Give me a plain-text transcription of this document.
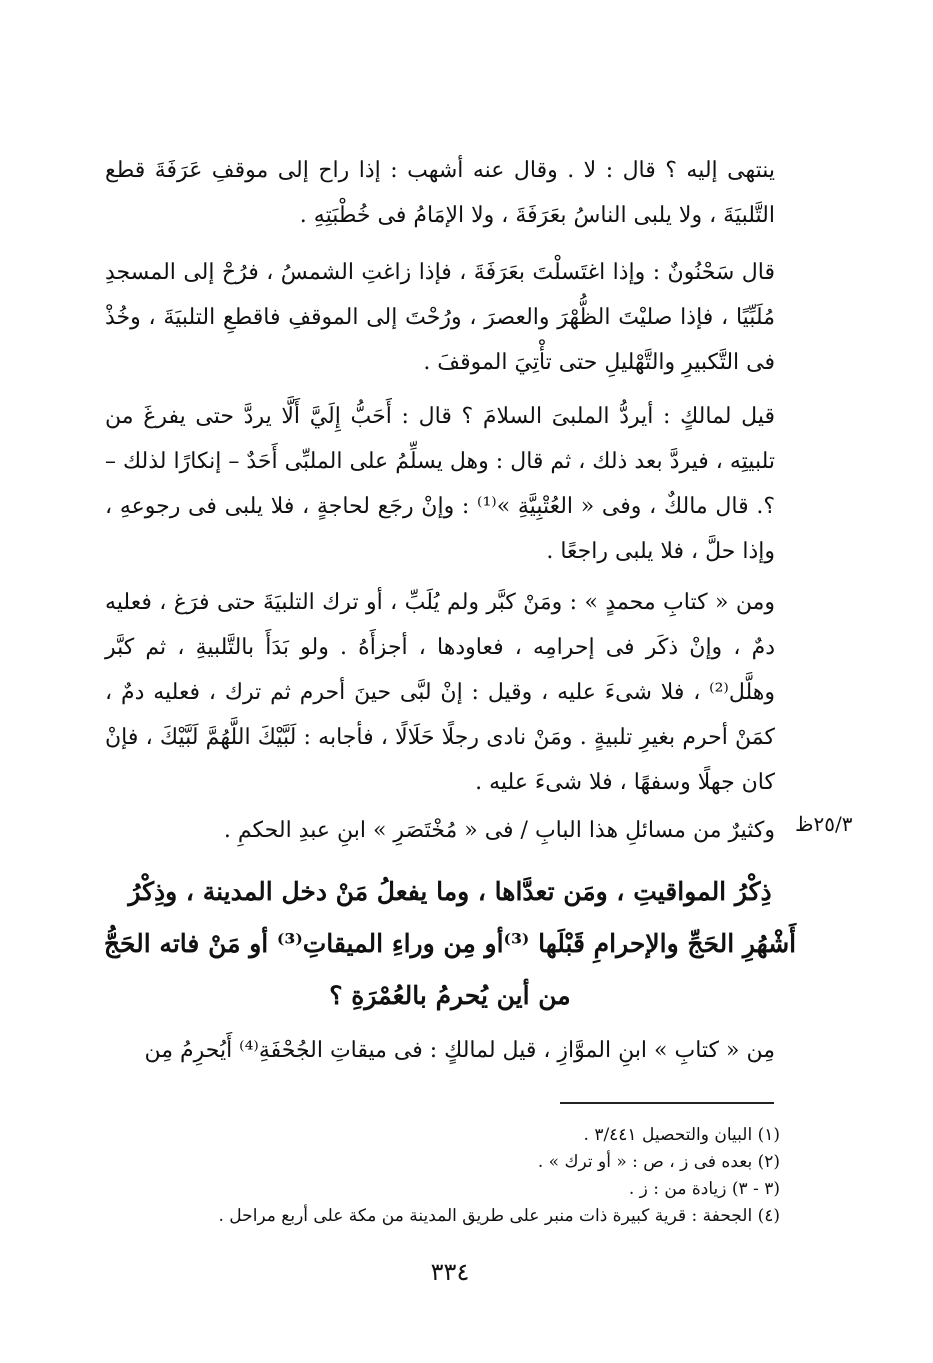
ينتهى إليه ؟ قال : لا . وقال عنه أشهب : إذا راح إلى موقفِ عَرَفَةَ قطع التَّلبيَةَ ، ولا يلبى الناسُ بعَرَفَةَ ، ولا الإمَامُ فى خُطْبَتِهِ .

قال سَحْنُونٌ : وإذا اغتَسلْتَ بعَرَفَةَ ، فإذا زاغتِ الشمسُ ، فرُحْ إلى المسجدِ مُلَبِّيًا ، فإذا صليْتَ الظُّهْرَ والعصرَ ، ورُحْتَ إلى الموقفِ فاقطعِ التلبيَةَ ، وخُذْ فى التَّكبيرِ والتَّهْليلِ حتى تأْتِيَ الموقفَ .

قيل لمالكٍ : أيردُّ الملبىَ السلامَ ؟ قال : أَحَبُّ إِلَيَّ أَلَّا يردَّ حتى يفرغَ من تلبيتِه ، فيردَّ بعد ذلك ، ثم قال : وهل يسلِّمُ على الملبِّى أَحَدٌ – إنكارًا لذلك – ؟. قال مالكٌ ، وفى « العُتْبِيَّةِ »⁽¹⁾ : وإنْ رجَع لحاجةٍ ، فلا يلبى فى رجوعهِ ، وإذا حلَّ ، فلا يلبى راجعًا .

ومن « كتابِ محمدٍ » : ومَنْ كبَّر ولم يُلَبِّ ، أو ترك التلبيَةَ حتى فرَغ ، فعليه دمٌ ، وإنْ ذكَر فى إحرامِه ، فعاودها ، أجزأَهُ . ولو بَدَأَ بالتَّلبيةِ ، ثم كبَّر وهلَّل⁽²⁾ ، فلا شىءَ عليه ، وقيل : إنْ لبَّى حينَ أحرم ثم ترك ، فعليه دمٌ ، كمَنْ أحرم بغيرِ تلبيةٍ . ومَنْ نادى رجلًا حَلَالًا ، فأجابه : لَبَّيْكَ اللَّهُمَّ لَبَّيْكَ ، فإنْ كان جهلًا وسفهًا ، فلا شىءَ عليه .

وكثيرٌ من مسائلِ هذا البابِ / فى « مُخْتَصَرِ » ابنِ عبدِ الحكمِ . ٢٥/٣ظ

ذِكْرُ المواقيتِ ، ومَن تعدَّاها ، وما يفعلُ مَنْ دخل المدينة ، وذِكْرُ أَشْهُرِ الحَجِّ والإحرامِ قَبْلَها ⁽³⁾أو مِن وراءِ الميقاتِ⁽³⁾ أو مَنْ فاته الحَجُّ من أين يُحرمُ بالعُمْرَةِ ؟

مِن « كتابِ » ابنِ الموَّازِ ، قيل لمالكٍ : فى ميقاتِ الجُحْفَةِ⁽⁴⁾ أَيُحرِمُ مِن

(١) البيان والتحصيل ٣/٤٤١ .
(٢) بعده فى ز ، ص : « أو ترك » .
(٣ - ٣) زيادة من : ز .
(٤) الجحفة : قرية كبيرة ذات منبر على طريق المدينة من مكة على أربع مراحل .
٣٣٤
